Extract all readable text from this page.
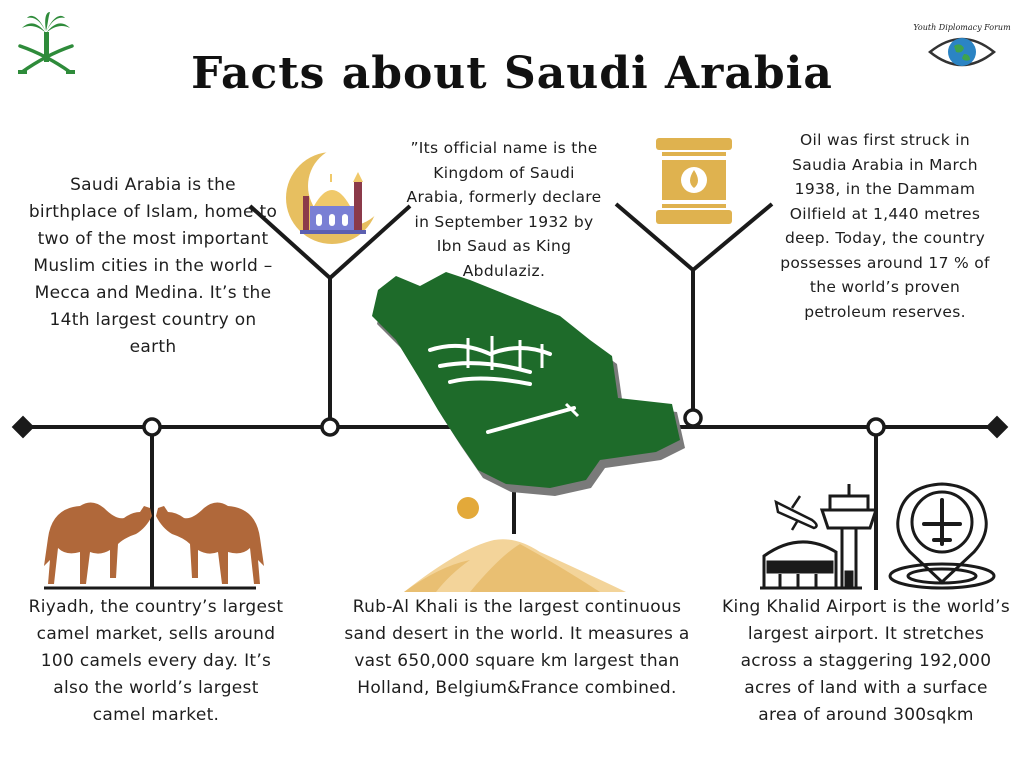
Facts about Saudi Arabia
Youth Diplomacy Forum
Saudi Arabia is the birthplace of Islam, home to two of the most important Muslim cities in the world – Mecca and Medina. It’s the 14th largest country on earth
”Its official name is the Kingdom of Saudi Arabia, formerly declare in September 1932 by Ibn Saud as King Abdulaziz.
Oil was first struck in Saudia Arabia in March 1938, in the Dammam Oilfield at 1,440 metres deep. Today, the country possesses around 17 % of the world’s proven petroleum reserves.
Riyadh, the country’s largest camel market, sells around 100 camels every day. It’s also the world’s largest camel market.
Rub-Al Khali is the largest continuous sand desert in the world. It measures a vast 650,000 square km largest than Holland, Belgium&France combined.
King Khalid Airport is the world’s largest airport. It stretches across a staggering 192,000 acres of land with a surface area of around 300sqkm
